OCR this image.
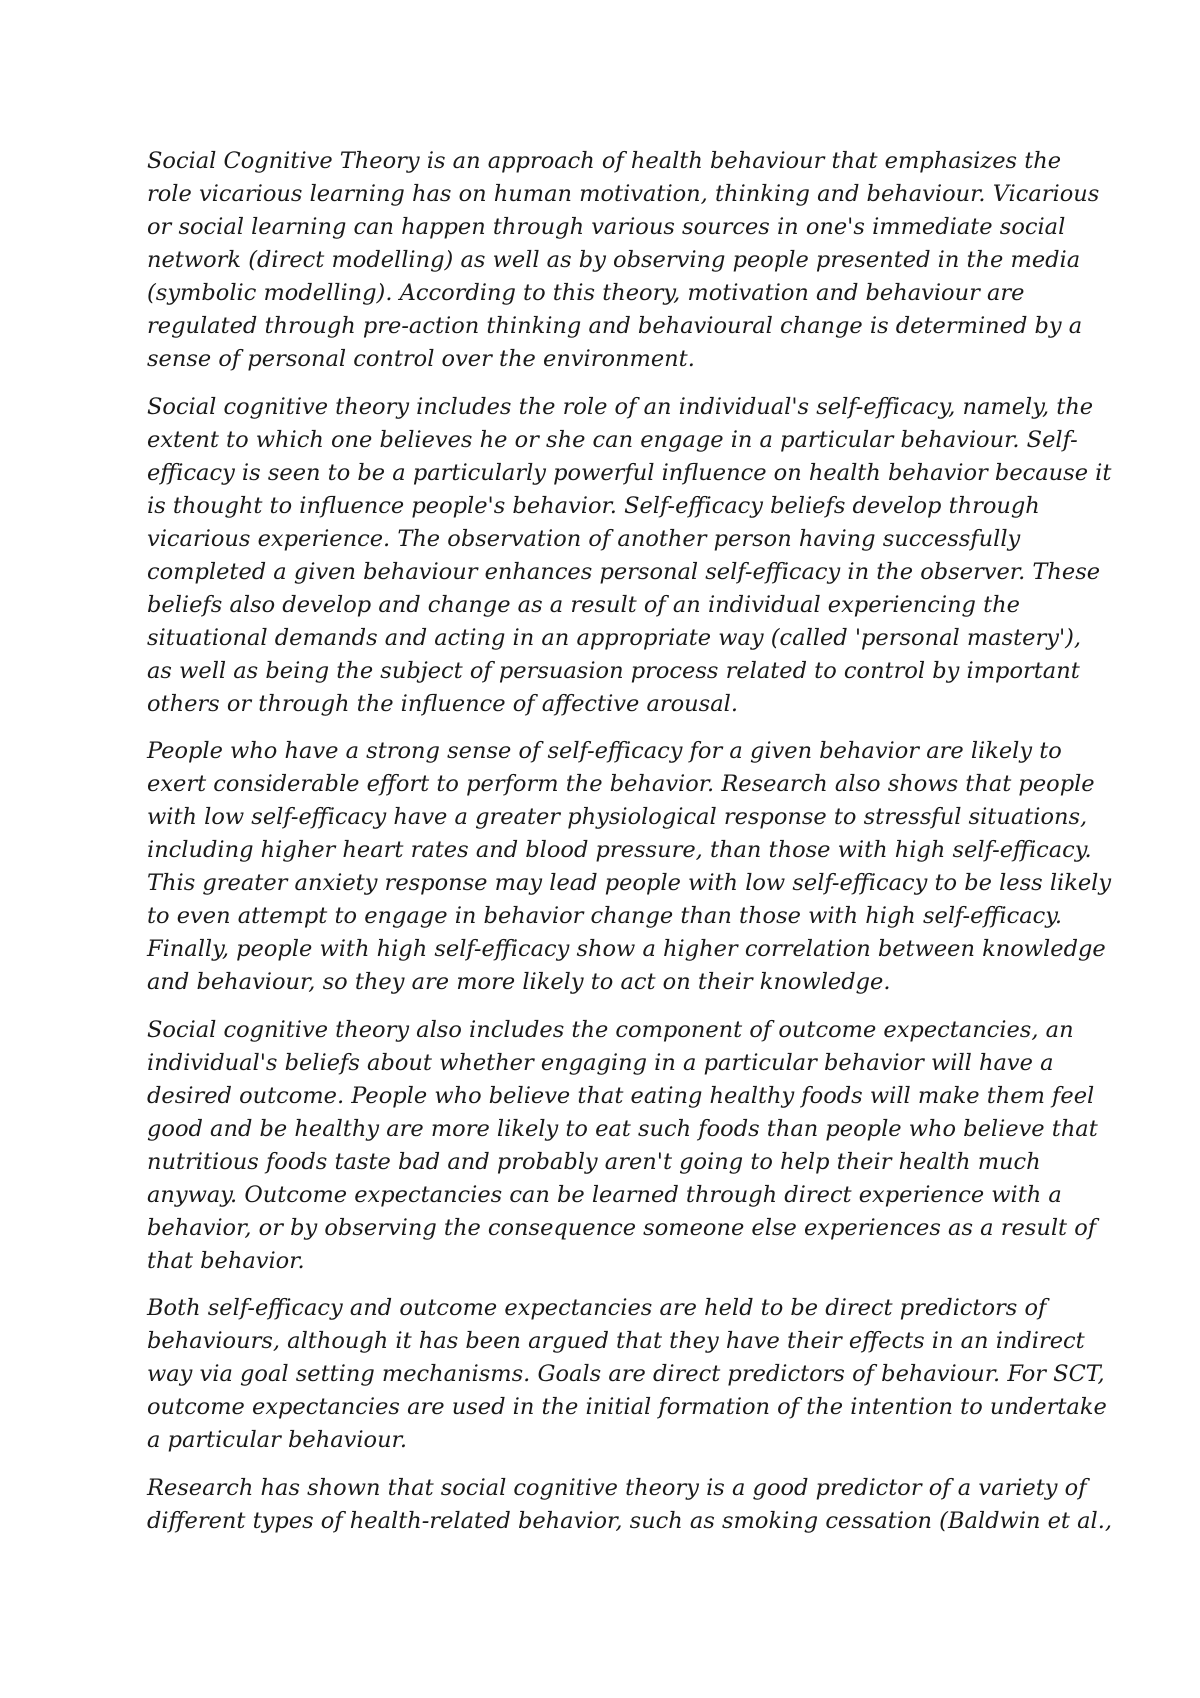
Social Cognitive Theory is an approach of health behaviour that emphasizes the
role vicarious learning has on human motivation, thinking and behaviour. Vicarious
or social learning can happen through various sources in one's immediate social
network (direct modelling) as well as by observing people presented in the media
(symbolic modelling). According to this theory, motivation and behaviour are
regulated through pre-action thinking and behavioural change is determined by a
sense of personal control over the environment.

Social cognitive theory includes the role of an individual's self-efficacy, namely, the
extent to which one believes he or she can engage in a particular behaviour. Self-
efficacy is seen to be a particularly powerful influence on health behavior because it
is thought to influence people's behavior. Self-efficacy beliefs develop through
vicarious experience. The observation of another person having successfully
completed a given behaviour enhances personal self-efficacy in the observer. These
beliefs also develop and change as a result of an individual experiencing the
situational demands and acting in an appropriate way (called 'personal mastery'),
as well as being the subject of persuasion process related to control by important
others or through the influence of affective arousal.

People who have a strong sense of self-efficacy for a given behavior are likely to
exert considerable effort to perform the behavior. Research also shows that people
with low self-efficacy have a greater physiological response to stressful situations,
including higher heart rates and blood pressure, than those with high self-efficacy.
This greater anxiety response may lead people with low self-efficacy to be less likely
to even attempt to engage in behavior change than those with high self-efficacy.
Finally, people with high self-efficacy show a higher correlation between knowledge
and behaviour, so they are more likely to act on their knowledge.

Social cognitive theory also includes the component of outcome expectancies, an
individual's beliefs about whether engaging in a particular behavior will have a
desired outcome. People who believe that eating healthy foods will make them feel
good and be healthy are more likely to eat such foods than people who believe that
nutritious foods taste bad and probably aren't going to help their health much
anyway. Outcome expectancies can be learned through direct experience with a
behavior, or by observing the consequence someone else experiences as a result of
that behavior.

Both self-efficacy and outcome expectancies are held to be direct predictors of
behaviours, although it has been argued that they have their effects in an indirect
way via goal setting mechanisms. Goals are direct predictors of behaviour. For SCT,
outcome expectancies are used in the initial formation of the intention to undertake
a particular behaviour.

Research has shown that social cognitive theory is a good predictor of a variety of
different types of health-related behavior, such as smoking cessation (Baldwin et al.,
